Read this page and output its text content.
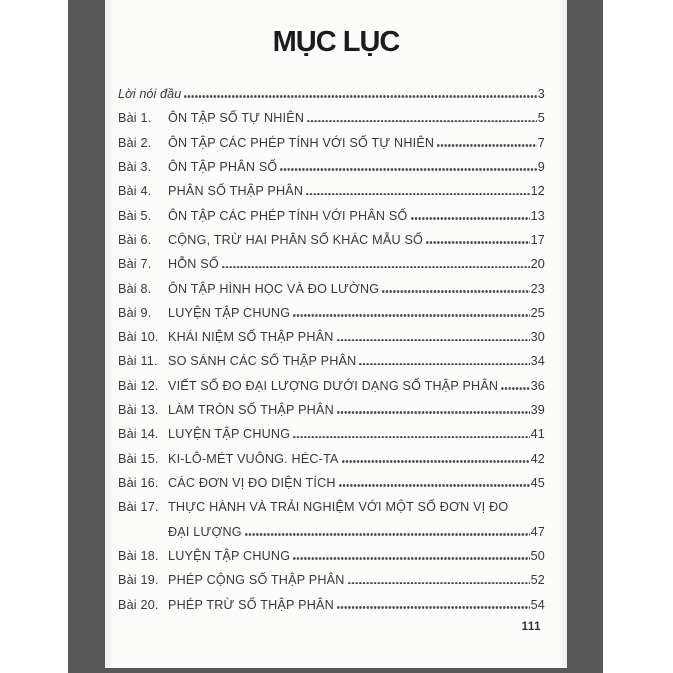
MỤC LỤC
Lời nói đầu	3
Bài 1.	ÔN TẬP SỐ TỰ NHIÊN	5
Bài 2.	ÔN TẬP CÁC PHÉP TÍNH VỚI SỐ TỰ NHIÊN	7
Bài 3.	ÔN TẬP PHÂN SỐ	9
Bài 4.	PHÂN SỐ THẬP PHÂN	12
Bài 5.	ÔN TẬP CÁC PHÉP TÍNH VỚI PHÂN SỐ	13
Bài 6.	CỘNG, TRỪ HAI PHÂN SỐ KHÁC MẪU SỐ	17
Bài 7.	HỖN SỐ	20
Bài 8.	ÔN TẬP HÌNH HỌC VÀ ĐO LƯỜNG	23
Bài 9.	LUYỆN TẬP CHUNG	25
Bài 10. KHÁI NIỆM SỐ THẬP PHÂN	30
Bài 11. SO SÁNH CÁC SỐ THẬP PHÂN	34
Bài 12. VIẾT SỐ ĐO ĐẠI LƯỢNG DƯỚI DẠNG SỐ THẬP PHÂN	36
Bài 13. LÀM TRÒN SỐ THẬP PHÂN	39
Bài 14. LUYỆN TẬP CHUNG	41
Bài 15. KI-LÔ-MÉT VUÔNG. HÉC-TA	42
Bài 16. CÁC ĐƠN VỊ ĐO DIỆN TÍCH	45
Bài 17. THỰC HÀNH VÀ TRẢI NGHIỆM VỚI MỘT SỐ ĐƠN VỊ ĐO
ĐẠI LƯỢNG	47
Bài 18. LUYỆN TẬP CHUNG	50
Bài 19. PHÉP CỘNG SỐ THẬP PHÂN	52
Bài 20. PHÉP TRỪ SỐ THẬP PHÂN	54
111
